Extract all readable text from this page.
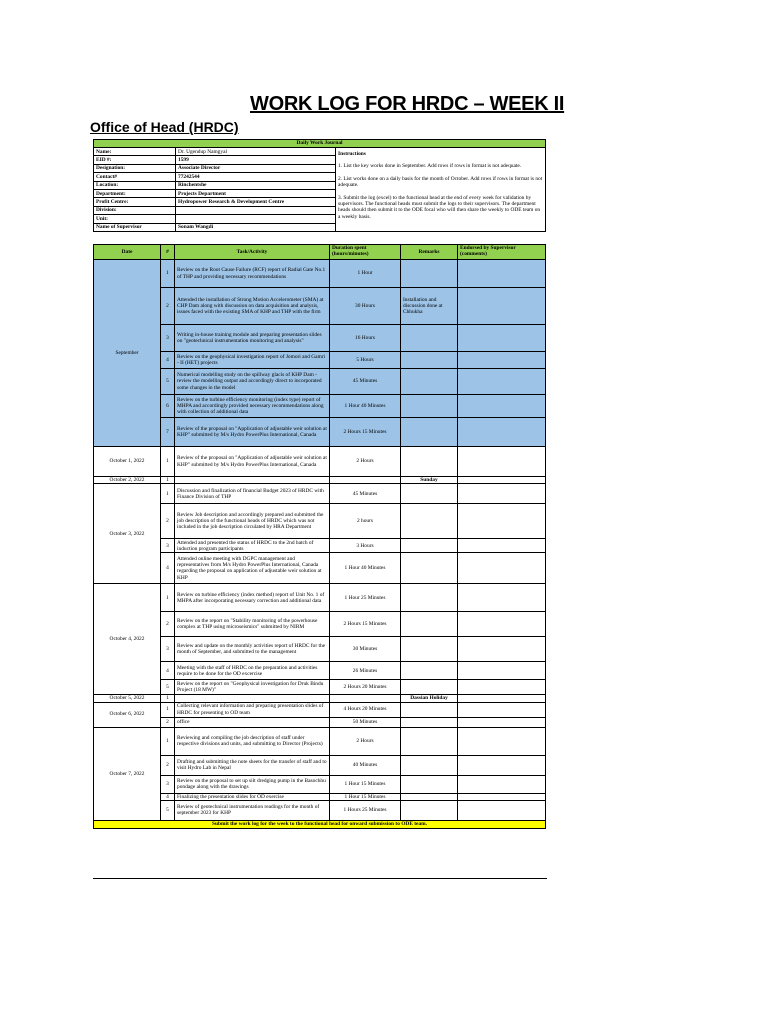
WORK LOG FOR HRDC – WEEK II
Office of Head (HRDC)
Daily Work Journal		
Name:	Dr. Ugendup Namgyal	Instructions

1. List the key works done in September. Add rows if rows in format is not adequate.

2. List works done on a daily basis for the month of October. Add rows if rows in format is not adequate.

3. Submit the log (excel) to the functional head at the end of every week for validation by supervisors. The functional heads must submit the logs to their supervisors. The department heads should then submit it to the ODE focal who will then share the weekly to ODE team on a weekly basis.

EID #:	1599	
Designation:	Associate Director	
Contact#	77242544	
Location:	Rinchentshe	
Department:	Projects Department	
Profit Centre:	Hydropower Research & Development Centre	
Division:		
Unit:		
Name of Supervisor	Sonam Wangdi	

Date	#	Task/Activity	Duration spent (hours/minutes)	Remarks	Endorsed by Supervisor (comments)
September	1	Review on the Root Cause Failure (RCF) report of Radial Gate No.1 of THP and providing necessary recommendations	1 Hour		
	2	Attended the installation of Strong Motion Accelerometer (SMA) at CHP Dam along with discussion on data acquisition and analysis, issues faced with the existing SMA of KHP and THP with the firm	30 Hours	Installation and discussion done at Chhukha	
	3	Writing in-house training module and preparing presentation slides on "geotechnical instrumentation monitoring and analysis"	16 Hours		
	4	Review on the geophysical investigation report of Jomori and Gamri - II (HET) projects	5 Hours		
	5	Numerical modelling study on the spillway glacis of KHP Dam - review the modelling output and accordingly direct to incorporated some changes in the model	45 Minutes		
	6	Review on the turbine efficiency monitoring (index type) report of MHPA and accordingly provided necessary recommendations along with collection of additional data	1 Hour 40 Minutes		
	7	Review of the proposal on "Application of adjustable weir solution at KHP" submitted by M/s Hydro PowerPlus International, Canada	2 Hours 15 Minutes		
October 1, 2022	1	Review of the proposal on "Application of adjustable weir solution at KHP" submitted by M/s Hydro PowerPlus International, Canada	2 Hours		
October 2, 2022	1			Sunday	
October 3, 2022	1	Discussion and finalization of financial Budget 2023 of HRDC with Finance Division of THP	45 Minutes		
	2	Review Job description and accordingly prepared and submitted the job description of the functional heads of HRDC which was not included in the job description circulated by HRA Department	2 hours		
	3	Attended and presented the status of HRDC to the 2nd batch of induction program participants	3 Hours		
	4	Attended online meeting with DGPC management and representatives from M/s Hydro PowerPlus International, Canada regarding the proposal on application of adjustable weir solution at KHP	1 Hour 40 Minutes		
October 4, 2022	1	Review on turbine efficiency (index method) report of Unit No. 1 of MHPA after incorporating necessary correction and additional data	1 Hour 25 Minutes		
	2	Review on the report on "Stability monitoring of the powerhouse complex at THP using microseismics" submitted by NIRM	2 Hours 15 Minutes		
	3	Review and update on the monthly activities report of HRDC for the month of September, and submitted to the management	30 Minutes		
	4	Meeting with the staff of HRDC on the preparation and activities require to be done for the OD excercise	26 Minutes		
	5	Review on the report on "Geophysical investigation for Druk Bindu Project (18 MW)"	2 Hours 20 Minutes		
October 5, 2022	1			Dassian Holiday	
October 6, 2022	1	Collecting relevant information and preparing presentation slides of HRDC for presenting to OD team	4 Hours 20 Minutes		
	2	office	50 Minutes		
October 7, 2022	1	Reviewing and compiling the job description of staff under respective divisions and units, and submitting to Director (Projects)	2 Hours		
	2	Drafting and submitting the note sheets for the transfer of staff and to visit Hydro Lab in Nepal	40 Minutes		
	3	Review on the proposal to set up silt dredging pump in the Basochhu pondage along with the drawings	1 Hour 15 Minutes		
	4	Finalizing the presentation slides for OD exercise	1 Hour 15 Minutes		
	5	Review of geotechnical instrumentation readings for the month of september 2023 for KHP	1 Hours 25 Minutes		
Submit the work log for the week to the functional head for onward submission to ODE team.					
